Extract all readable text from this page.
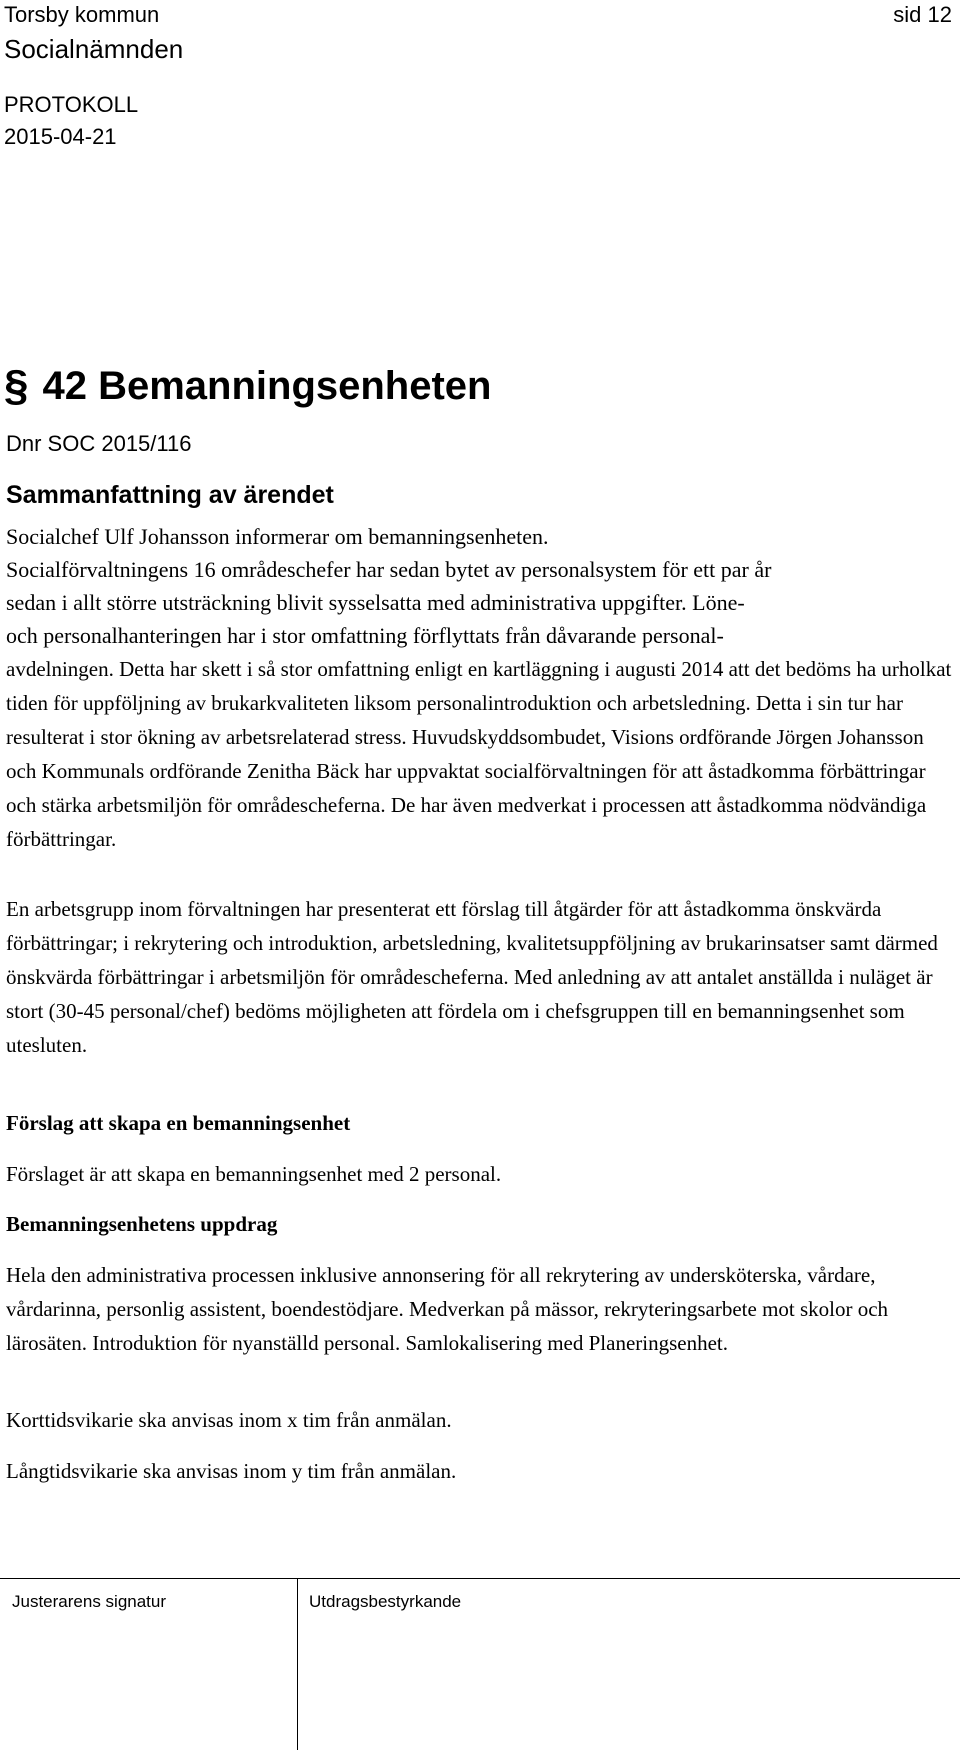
Torsby kommun
Socialnämnden
PROTOKOLL
2015-04-21
sid 12
§ 42 Bemanningsenheten
Dnr SOC 2015/116
Sammanfattning av ärendet
Socialchef Ulf Johansson informerar om bemanningsenheten.
Socialförvaltningens 16 områdeschefer har sedan bytet av personalsystem för ett par år
sedan i allt större utsträckning blivit sysselsatta med administrativa uppgifter. Löne-
och personalhanteringen har i stor omfattning förflyttats från dåvarande personal-

avdelningen. Detta har skett i så stor omfattning enligt en kartläggning i augusti 2014 att det bedöms ha urholkat tiden för uppföljning av brukarkvaliteten liksom personalintroduktion och arbetsledning. Detta i sin tur har resulterat i stor ökning av arbetsrelaterad stress. Huvudskyddsombudet, Visions ordförande Jörgen Johansson och Kommunals ordförande Zenitha Bäck har uppvaktat socialförvaltningen för att åstadkomma förbättringar och stärka arbetsmiljön för områdescheferna. De har även medverkat i processen att åstadkomma nödvändiga förbättringar.

En arbetsgrupp inom förvaltningen har presenterat ett förslag till åtgärder för att åstadkomma önskvärda förbättringar; i rekrytering och introduktion, arbetsledning, kvalitetsuppföljning av brukarinsatser samt därmed önskvärda förbättringar i arbetsmiljön för områdescheferna. Med anledning av att antalet anställda i nuläget är stort (30-45 personal/chef) bedöms möjligheten att fördela om i chefsgruppen till en bemanningsenhet som utesluten.

Förslag att skapa en bemanningsenhet

Förslaget är att skapa en bemanningsenhet med 2 personal.

Bemanningsenhetens uppdrag

Hela den administrativa processen inklusive annonsering för all rekrytering av undersköterska, vårdare, vårdarinna, personlig assistent, boendestödjare. Medverkan på mässor, rekryteringsarbete mot skolor och lärosäten. Introduktion för nyanställd personal. Samlokalisering med Planeringsenhet.

Korttidsvikarie ska anvisas inom x tim från anmälan.

Långtidsvikarie ska anvisas inom y tim från anmälan.

Justerarens signatur	Utdragsbestyrkande
